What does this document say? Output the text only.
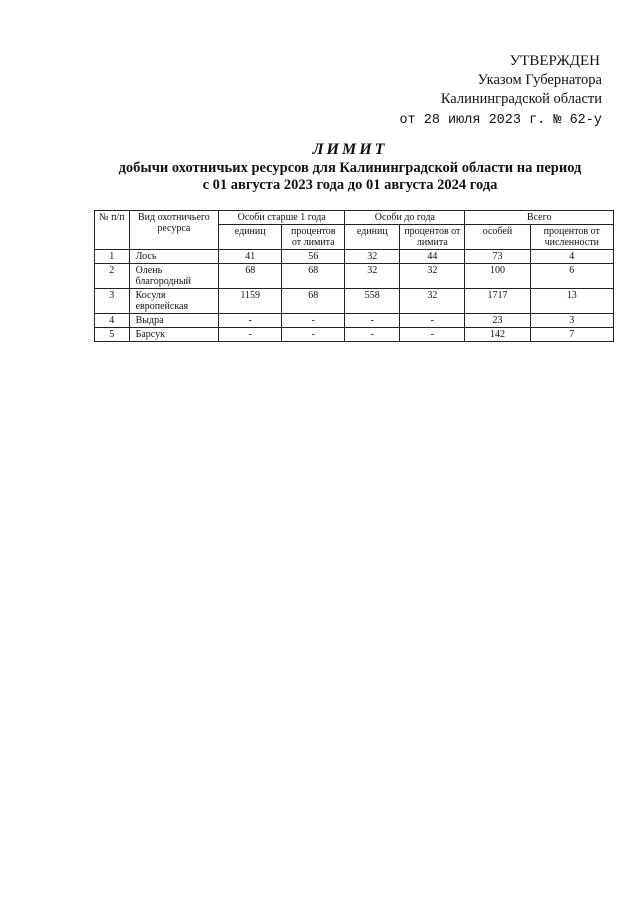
УТВЕРЖДЕН
Указом Губернатора
Калининградской области
от 28 июля 2023 г. № 62-у
ЛИМИТ
добычи охотничьих ресурсов для Калининградской области на период
с 01 августа 2023 года до 01 августа 2024 года
№ п/п	Вид охотничьего ресурса	Особи старше 1 года		Особи до года		Всего	
		единиц	процентов от лимита	единиц	процентов от лимита	особей	процентов от численности
1	Лось	41	56	32	44	73	4
2	Олень благородный	68	68	32	32	100	6
3	Косуля европейская	1159	68	558	32	1717	13
4	Выдра	-	-	-	-	23	3
5	Барсук	-	-	-	-	142	7
